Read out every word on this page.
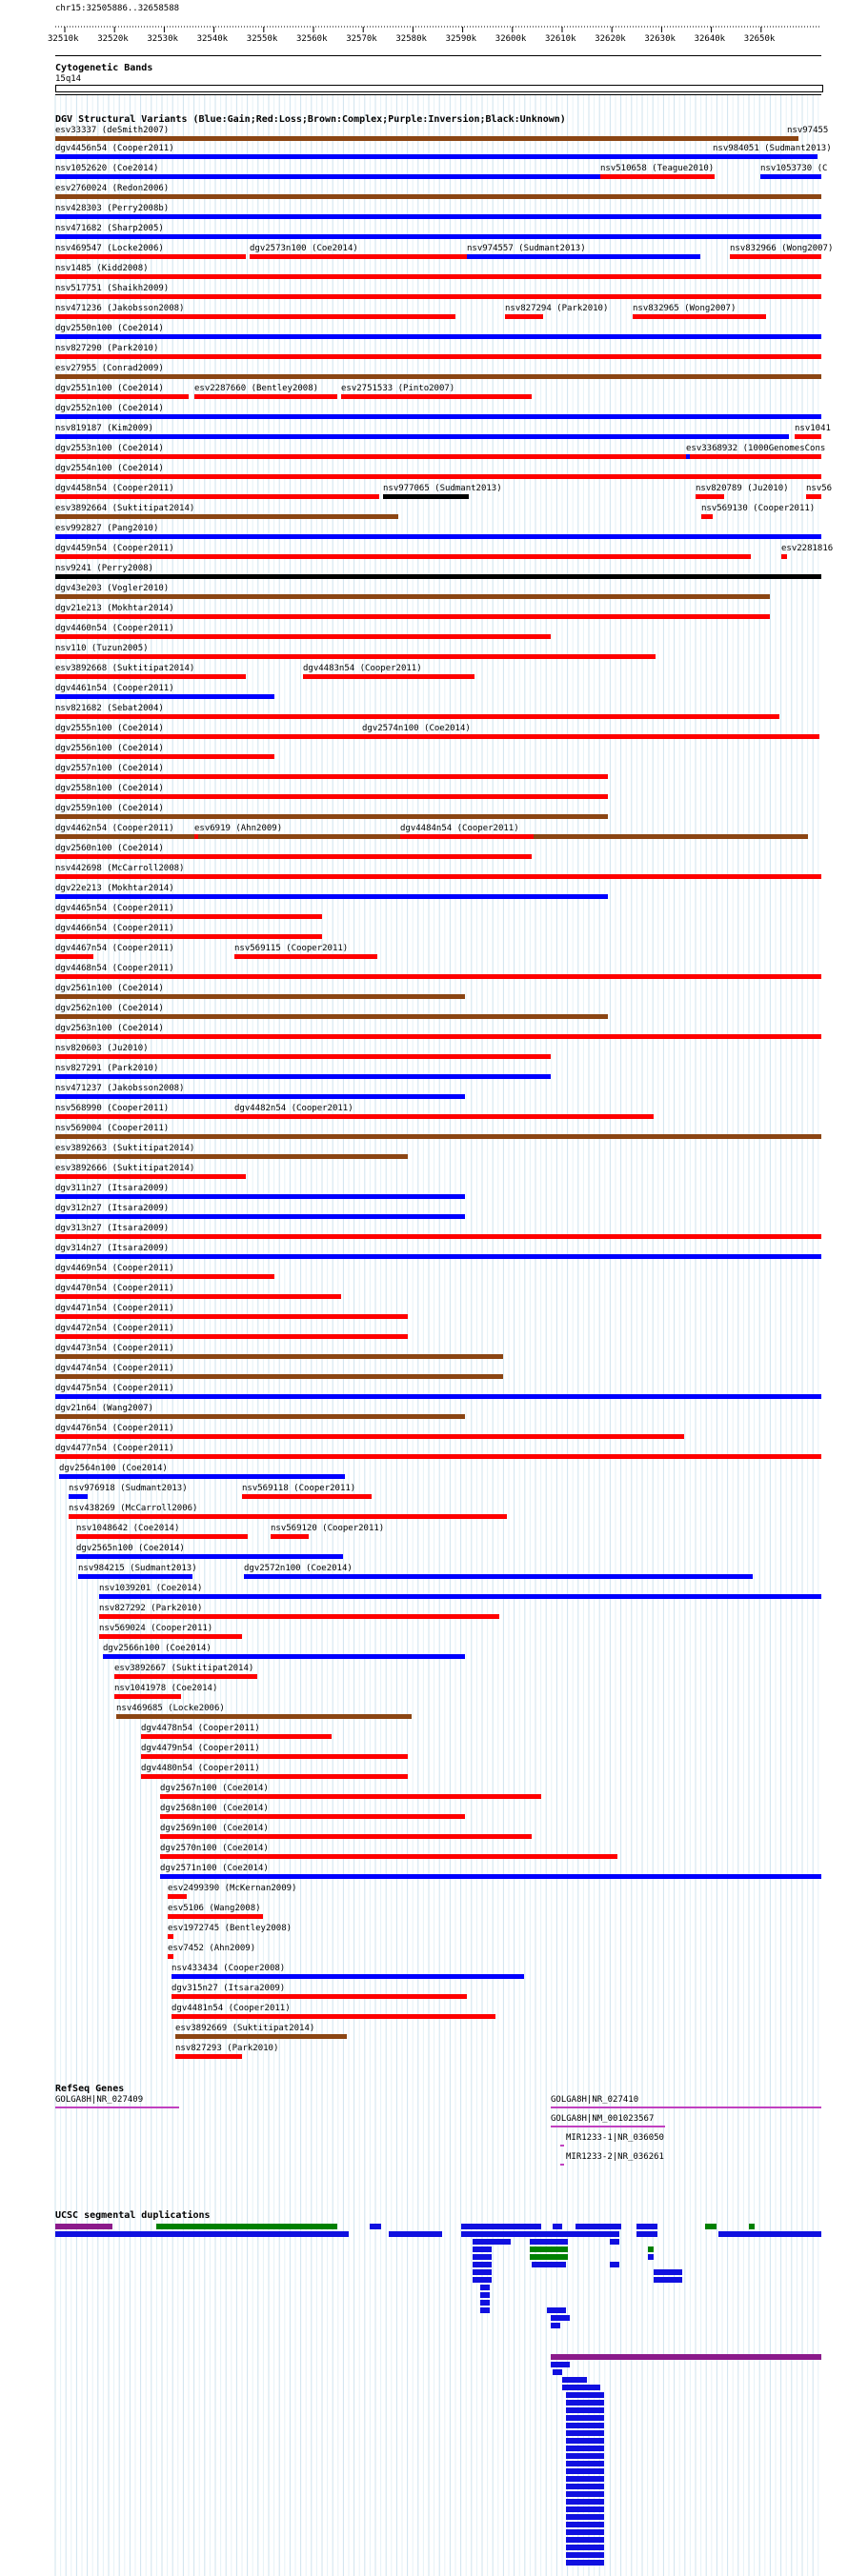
chr15:32505886..32658588
32510k 32520k 32530k 32540k 32550k 32560k 32570k 32580k 32590k 32600k 32610k 32620k 32630k 32640k 32650k
Cytogenetic Bands
15q14
DGV Structural Variants (Blue:Gain;Red:Loss;Brown:Complex;Purple:Inversion;Black:Unknown)
nsv97455
esv33337 (deSmith2007)
dgv4456n54 (Cooper2011)	nsv984051 (Sudmant2013)
nsv1052620 (Coe2014)	nsv510658 (Teague2010)	nsv1053730 (C
esv2760024 (Redon2006)
nsv428303 (Perry2008b)
nsv471682 (Sharp2005)
nsv469547 (Locke2006)	dgv2573n100 (Coe2014)	nsv974557 (Sudmant2013)	nsv832966 (Wong2007)
nsv1485 (Kidd2008)
nsv517751 (Shaikh2009)
nsv471236 (Jakobsson2008)	nsv827294 (Park2010)	nsv832965 (Wong2007)
dgv2550n100 (Coe2014)
nsv827290 (Park2010)
esv27955 (Conrad2009)
dgv2551n100 (Coe2014)	esv2287660 (Bentley2008)	esv2751533 (Pinto2007)
dgv2552n100 (Coe2014)
nsv819187 (Kim2009)	nsv1041
dgv2553n100 (Coe2014)	esv3368932 (1000GenomesCons
dgv2554n100 (Coe2014)
dgv4458n54 (Cooper2011)	nsv977065 (Sudmant2013)	nsv820789 (Ju2010) nsv56
esv3892664 (Suktitipat2014)	nsv569130 (Cooper2011)
esv992827 (Pang2010)
dgv4459n54 (Cooper2011)	esv2281816
nsv9241 (Perry2008)
dgv43e203 (Vogler2010)
dgv21e213 (Mokhtar2014)
dgv4460n54 (Cooper2011)
nsv110 (Tuzun2005)
esv3892668 (Suktitipat2014)	dgv4483n54 (Cooper2011)
dgv4461n54 (Cooper2011)
nsv821682 (Sebat2004)
dgv2555n100 (Coe2014)	dgv2574n100 (Coe2014)
dgv2556n100 (Coe2014)
dgv2557n100 (Coe2014)
dgv2558n100 (Coe2014)
dgv2559n100 (Coe2014)
dgv4462n54 (Cooper2011) esv6919 (Ahn2009)	dgv4484n54 (Cooper2011)
dgv2560n100 (Coe2014)
nsv442698 (McCarroll2008)
dgv22e213 (Mokhtar2014)
dgv4465n54 (Cooper2011)
dgv4466n54 (Cooper2011)
dgv4467n54 (Cooper2011)	nsv569115 (Cooper2011)
dgv4468n54 (Cooper2011)
dgv2561n100 (Coe2014)
dgv2562n100 (Coe2014)
dgv2563n100 (Coe2014)
nsv820603 (Ju2010)
nsv827291 (Park2010)
nsv471237 (Jakobsson2008)
nsv568990 (Cooper2011)	dgv4482n54 (Cooper2011)
nsv569004 (Cooper2011)
esv3892663 (Suktitipat2014)
esv3892666 (Suktitipat2014)
dgv311n27 (Itsara2009)
dgv312n27 (Itsara2009)
dgv313n27 (Itsara2009)
dgv314n27 (Itsara2009)
dgv4469n54 (Cooper2011)
dgv4470n54 (Cooper2011)
dgv4471n54 (Cooper2011)
dgv4472n54 (Cooper2011)
dgv4473n54 (Cooper2011)
dgv4474n54 (Cooper2011)
dgv4475n54 (Cooper2011)
dgv21n64 (Wang2007)
dgv4476n54 (Cooper2011)
dgv4477n54 (Cooper2011)
dgv2564n100 (Coe2014)
nsv976918 (Sudmant2013)	nsv569118 (Cooper2011)
nsv438269 (McCarroll2006)
nsv1048642 (Coe2014)	nsv569120 (Cooper2011)
dgv2565n100 (Coe2014)
nsv984215 (Sudmant2013)	dgv2572n100 (Coe2014)
nsv1039201 (Coe2014)
nsv827292 (Park2010)
nsv569024 (Cooper2011)
dgv2566n100 (Coe2014)
esv3892667 (Suktitipat2014)
nsv1041978 (Coe2014)
nsv469685 (Locke2006)
dgv4478n54 (Cooper2011)
dgv4479n54 (Cooper2011)
dgv4480n54 (Cooper2011)
dgv2567n100 (Coe2014)
dgv2568n100 (Coe2014)
dgv2569n100 (Coe2014)
dgv2570n100 (Coe2014)
dgv2571n100 (Coe2014)
esv2499390 (McKernan2009)
esv5106 (Wang2008)
esv1972745 (Bentley2008)
esv7452 (Ahn2009)
nsv433434 (Cooper2008)
dgv315n27 (Itsara2009)
dgv4481n54 (Cooper2011)
esv3892669 (Suktitipat2014)
nsv827293 (Park2010)
RefSeq Genes
GOLGA8H|NR_027409	GOLGA8H|NR_027410
GOLGA8H|NM_001023567
MIR1233-1|NR_036050
MIR1233-2|NR_036261
UCSC segmental duplications
